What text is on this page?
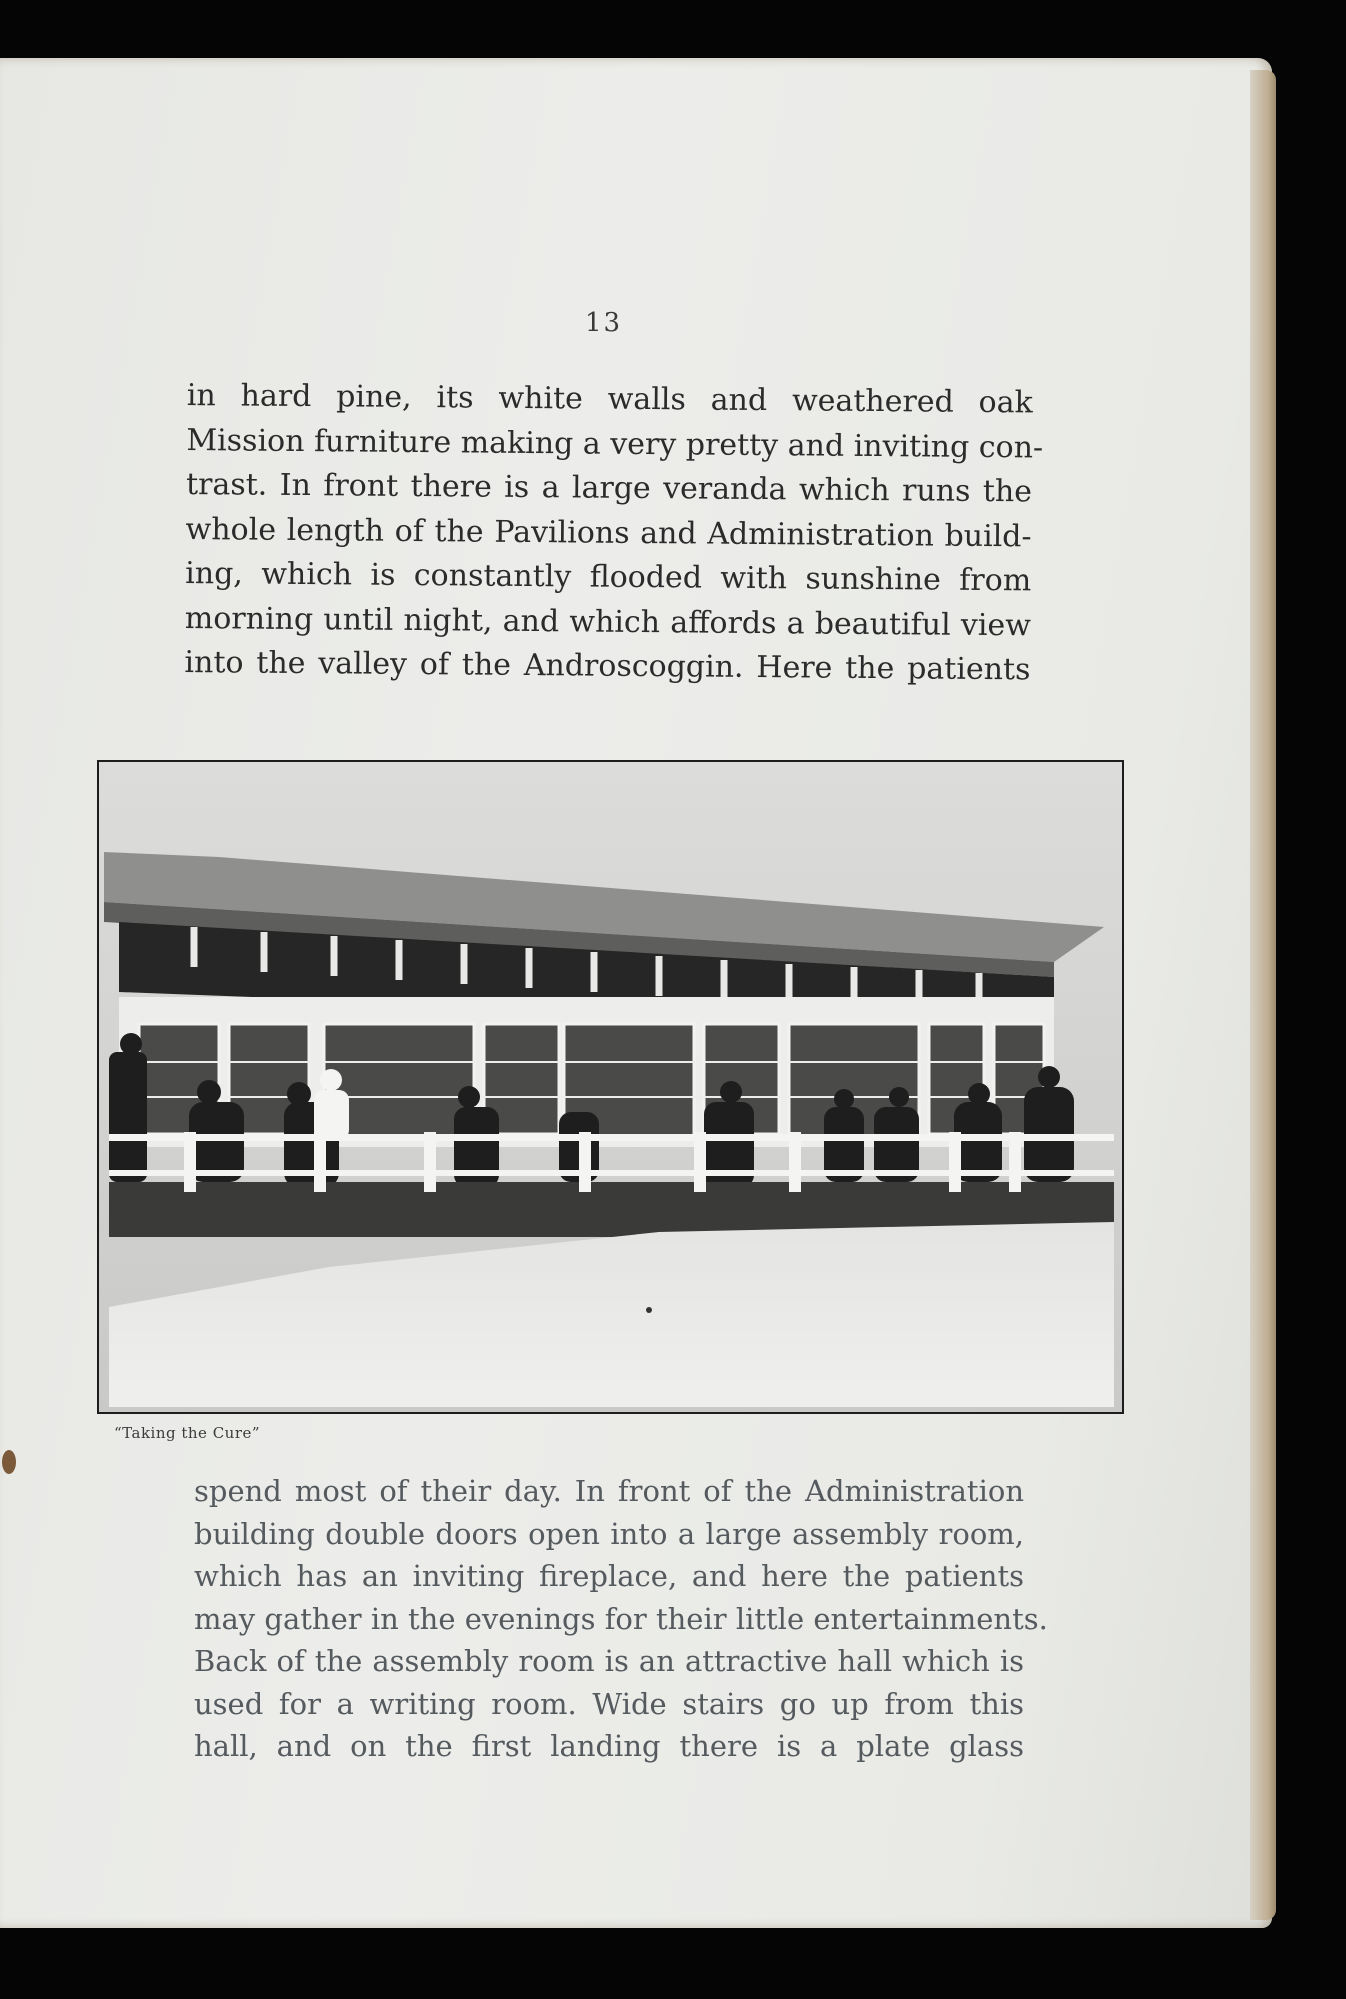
13
in hard pine, its white walls and weathered oak
Mission furniture making a very pretty and inviting con-
trast. In front there is a large veranda which runs the
whole length of the Pavilions and Administration build-
ing, which is constantly flooded with sunshine from
morning until night, and which affords a beautiful view
into the valley of the Androscoggin. Here the patients
“Taking the Cure”
spend most of their day. In front of the Administration
building double doors open into a large assembly room,
which has an inviting fireplace, and here the patients
may gather in the evenings for their little entertainments.
Back of the assembly room is an attractive hall which is
used for a writing room. Wide stairs go up from this
hall, and on the first landing there is a plate glass
